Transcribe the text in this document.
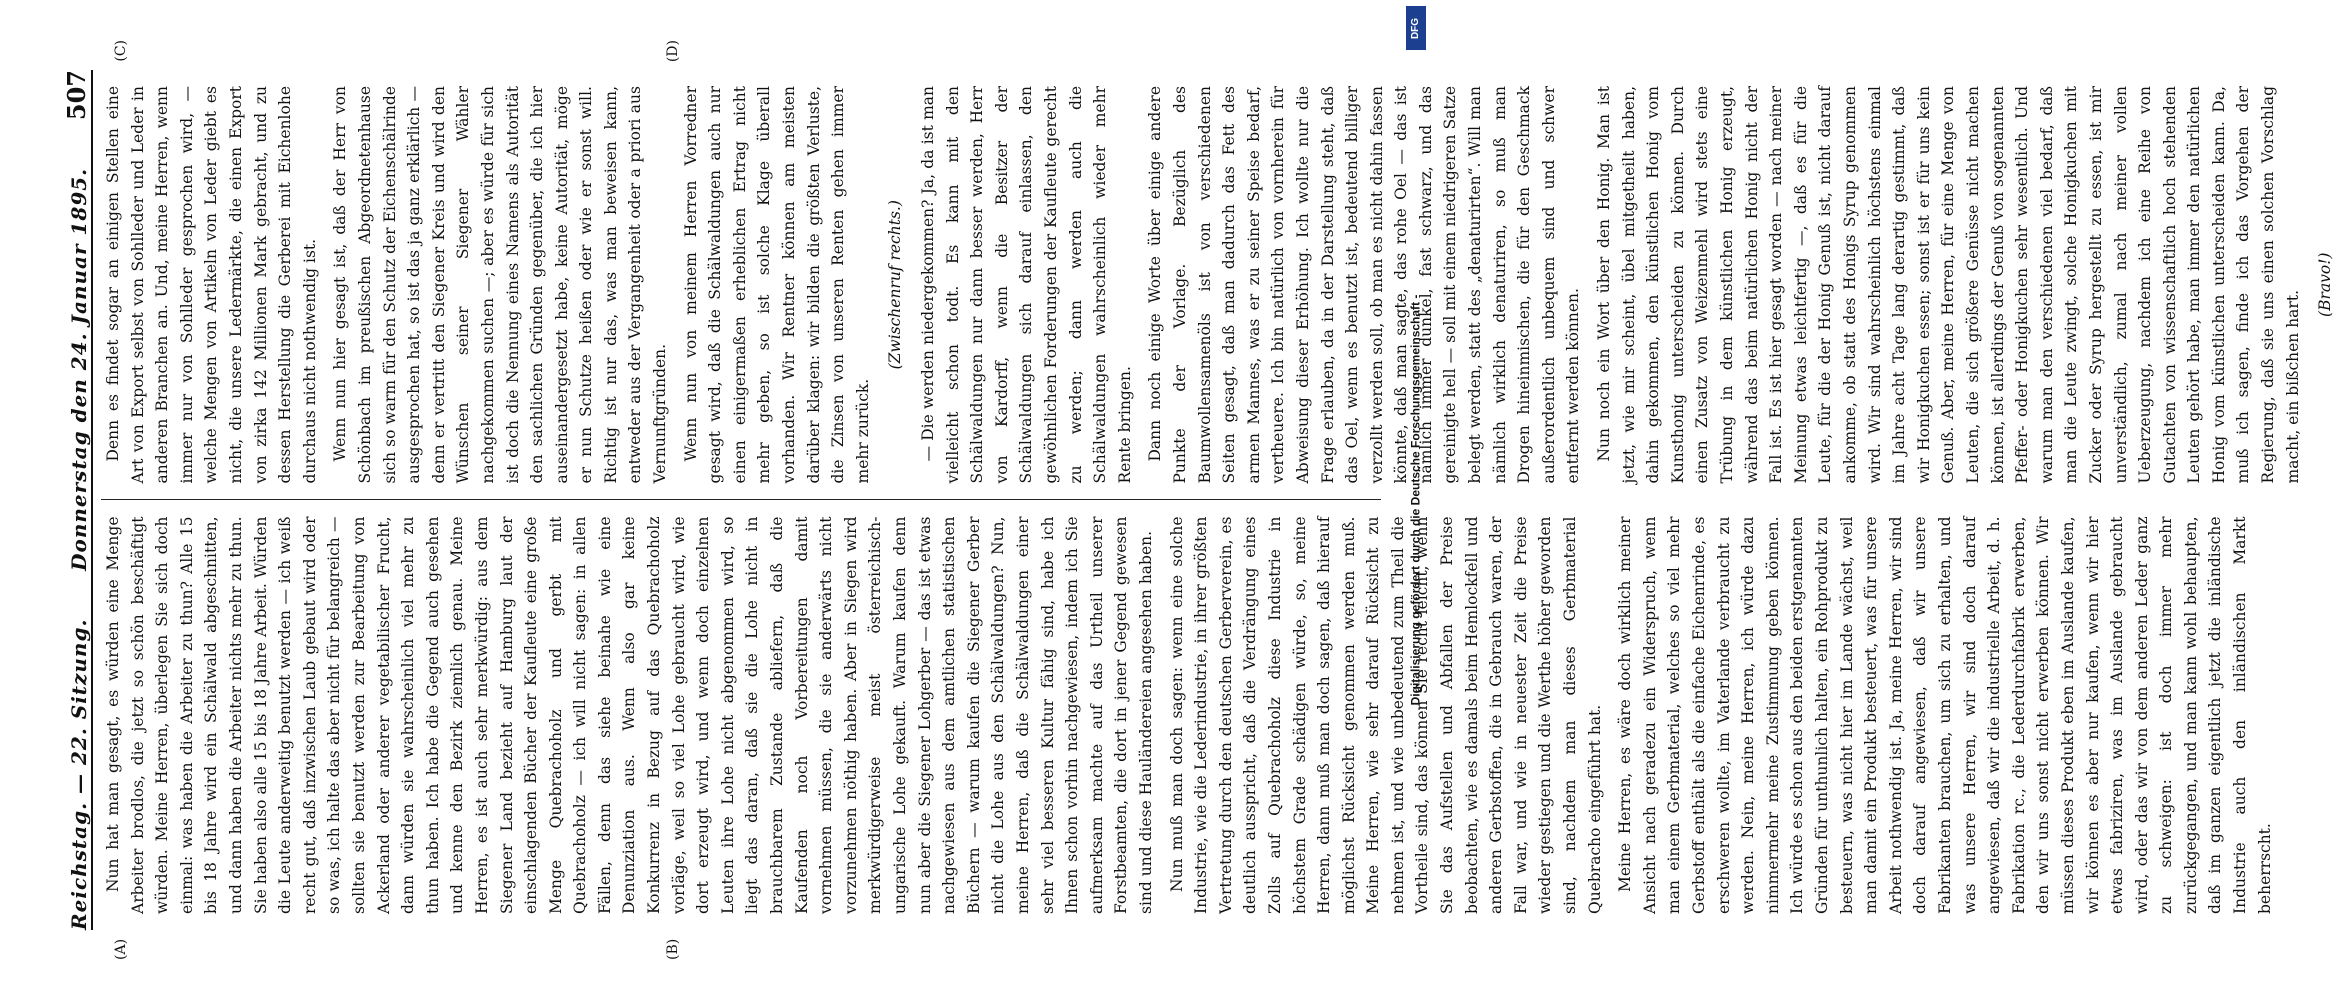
Reichstag. — 22. Sitzung.
Donnerstag den 24. Januar 1895.
507
(A)	(B)

Nun hat man gesagt, es würden eine Menge Arbeiter brodlos, die jetzt so schön beschäftigt würden. Meine Herren, überlegen Sie sich doch einmal: was haben die Arbeiter zu thun? Alle 15 bis 18 Jahre wird ein Schälwald abgeschnitten, und dann haben die Arbeiter nichts mehr zu thun. Sie haben also alle 15 bis 18 Jahre Arbeit. Würden die Leute anderweitig benutzt werden — ich weiß recht gut, daß inzwischen Laub gebaut wird oder so was, ich halte das aber nicht für belangreich — sollten sie benutzt werden zur Bearbeitung von Ackerland oder anderer vegetabilischer Frucht, dann würden sie wahrscheinlich viel mehr zu thun haben. Ich habe die Gegend auch gesehen und kenne den Bezirk ziemlich genau. Meine Herren, es ist auch sehr merkwürdig: aus dem Siegener Land bezieht auf Hamburg laut der einschlagenden Bücher der Kaufleute eine große Menge Quebrachoholz und gerbt mit Quebrachoholz — ich will nicht sagen: in allen Fällen, denn das siehe beinahe wie eine Denunziation aus. Wenn also gar keine Konkurrenz in Bezug auf das Quebrachoholz vorläge, weil so viel Lohe gebraucht wird, wie dort erzeugt wird, und wenn doch einzelnen Leuten ihre Lohe nicht abgenommen wird, so liegt das daran, daß sie die Lohe nicht in brauchbarem Zustande abliefern, daß die Kaufenden noch Vorbereitungen damit vornehmen müssen, die sie anderwärts nicht vorzunehmen nöthig haben. Aber in Siegen wird merkwürdigerweise meist österreichisch-ungarische Lohe gekauft. Warum kaufen denn nun aber die Siegener Lohgerber — das ist etwas nachgewiesen aus dem amtlichen statistischen Büchern — warum kaufen die Siegener Gerber nicht die Lohe aus den Schälwaldungen? Nun, meine Herren, daß die Schälwaldungen einer sehr viel besseren Kultur fähig sind, habe ich Ihnen schon vorhin nachgewiesen, indem ich Sie aufmerksam machte auf das Urtheil unserer Forstbeamten, die dort in jener Gegend gewesen sind und diese Hauländereien angesehen haben. Nun muß man doch sagen: wenn eine solche Industrie, wie die Lederindustrie, in ihrer größten Vertretung durch den deutschen Gerberverein, es deutlich ausspricht, daß die Verdrängung eines Zolls auf Quebrachoholz diese Industrie in höchstem Grade schädigen würde, so, meine Herren, dann muß man doch sagen, daß hierauf möglichst Rücksicht genommen werden muß. Meine Herren, wie sehr darauf Rücksicht zu nehmen ist, und wie unbedeutend zum Theil die Vortheile sind, das können Sie recht leicht, wenn Sie das Aufstellen und Abfallen der Preise beobachten, wie es damals beim Hemlockfell und anderen Gerbstoffen, die in Gebrauch waren, der Fall war, und wie in neuester Zeit die Preise wieder gestiegen und die Werthe höher geworden sind, nachdem man dieses Gerbmaterial Quebracho eingeführt hat. Meine Herren, es wäre doch wirklich meiner Ansicht nach geradezu ein Widerspruch, wenn man einem Gerbmaterial, welches so viel mehr Gerbstoff enthält als die einfache Eichenrinde, es erschweren wollte, im Vaterlande verbraucht zu werden. Nein, meine Herren, ich würde dazu nimmermehr meine Zustimmung geben können. Ich würde es schon aus den beiden erstgenannten Gründen für unthunlich halten, ein Rohprodukt zu besteuern, was nicht hier im Lande wächst, weil man damit ein Produkt besteuert, was für unsere Arbeit nothwendig ist. Ja, meine Herren, wir sind doch darauf angewiesen, daß wir unsere Fabrikanten brauchen, um sich zu erhalten, und was unsere Herren, wir sind doch darauf angewiesen, daß wir die industrielle Arbeit, d. h. Fabrikation rc., die Lederdurchfabrik erwerben, den wir uns sonst nicht erwerben können. Wir müssen dieses Produkt eben im Auslande kaufen, wir können es aber nur kaufen, wenn wir hier etwas fabriziren, was im Auslande gebraucht wird, oder das wir von dem anderen Leder ganz zu schweigen: ist doch immer mehr zurückgegangen, und man kann wohl behaupten, daß im ganzen eigentlich jetzt die inländische Industrie auch den inländischen Markt beherrscht.

(C)	(D)

Denn es findet sogar an einigen Stellen eine Art von Export selbst von Sohlleder und Leder in anderen Branchen an. Und, meine Herren, wenn immer nur von Sohlleder gesprochen wird, — welche Mengen von Artikeln von Leder giebt es nicht, die unsere Ledermärkte, die einen Export von zirka 142 Millionen Mark gebracht, und zu dessen Herstellung die Gerberei mit Eichenlohe durchaus nicht nothwendig ist. Wenn nun hier gesagt ist, daß der Herr von Schönbach im preußischen Abgeordnetenhause sich so warm für den Schutz der Eichenschälrinde ausgesprochen hat, so ist das ja ganz erklärlich — denn er vertritt den Siegener Kreis und wird den Wünschen seiner Siegener Wähler nachgekommen suchen —; aber es würde für sich ist doch die Nennung eines Namens als Autorität den sachlichen Gründen gegenüber, die ich hier auseinandergesetzt habe, keine Autorität, möge er nun Schutze heißen oder wie er sonst will. Richtig ist nur das, was man beweisen kann, entweder aus der Vergangenheit oder a priori aus Vernunftgründen. Wenn nun von meinem Herren Vorredner gesagt wird, daß die Schälwaldungen auch nur einen einigermaßen erheblichen Ertrag nicht mehr geben, so ist solche Klage überall vorhanden. Wir Rentner können am meisten darüber klagen: wir bilden die größten Verluste, die Zinsen von unseren Renten gehen immer mehr zurück.

(Zwischenruf rechts.) — Die werden niedergekommen? Ja, da ist man vielleicht schon todt. Es kann mit den Schälwaldungen nur dann besser werden, Herr von Kardorff, wenn die Besitzer der Schälwaldungen sich darauf einlassen, den gewöhnlichen Forderungen der Kaufleute gerecht zu werden; dann werden auch die Schälwaldungen wahrscheinlich wieder mehr Rente bringen. Dann noch einige Worte über einige andere Punkte der Vorlage. Bezüglich des Baumwollensamenöls ist von verschiedenen Seiten gesagt, daß man dadurch das Fett des armen Mannes, was er zu seiner Speise bedarf, vertheuere. Ich bin natürlich von vornherein für Abweisung dieser Erhöhung. Ich wollte nur die Frage erlauben, da in der Darstellung steht, daß das Oel, wenn es benutzt ist, bedeutend billiger verzollt werden soll, ob man es nicht dahin fassen könnte, daß man sagte, das rohe Oel — das ist nämlich immer dunkel, fast schwarz, und das gereinigte hell — soll mit einem niedrigeren Satze belegt werden, statt des „denaturirten“. Will man nämlich wirklich denaturiren, so muß man Drogen hineinmischen, die für den Geschmack außerordentlich unbequem sind und schwer entfernt werden können. Nun noch ein Wort über den Honig. Man ist jetzt, wie mir scheint, übel mitgetheilt haben, dahin gekommen, den künstlichen Honig vom Kunsthonig unterscheiden zu können. Durch einen Zusatz von Weizenmehl wird stets eine Trübung in dem künstlichen Honig erzeugt, während das beim natürlichen Honig nicht der Fall ist. Es ist hier gesagt worden — nach meiner Meinung etwas leichtfertig —, daß es für die Leute, für die der Honig Genuß ist, nicht darauf ankomme, ob statt des Honigs Syrup genommen wird. Wir sind wahrscheinlich höchstens einmal im Jahre acht Tage lang derartig gestimmt, daß wir Honigkuchen essen; sonst ist er für uns kein Genuß. Aber, meine Herren, für eine Menge von Leuten, die sich größere Genüsse nicht machen können, ist allerdings der Genuß von sogenannten Pfeffer- oder Honigkuchen sehr wesentlich. Und warum man den verschiedenen viel bedarf, daß man die Leute zwingt, solche Honigkuchen mit Zucker oder Syrup hergestellt zu essen, ist mir unverständlich, zumal nach meiner vollen Ueberzeugung, nachdem ich eine Reihe von Gutachten von wissenschaftlich hoch stehenden Leuten gehört habe, man immer den natürlichen Honig vom künstlichen unterscheiden kann. Da, muß ich sagen, finde ich das Vorgehen der Regierung, daß sie uns einen solchen Vorschlag macht, ein bißchen hart.

(Bravo!)

Digitalisierung gefördert durch die Deutsche Forschungsgemeinschaft -
DFG
